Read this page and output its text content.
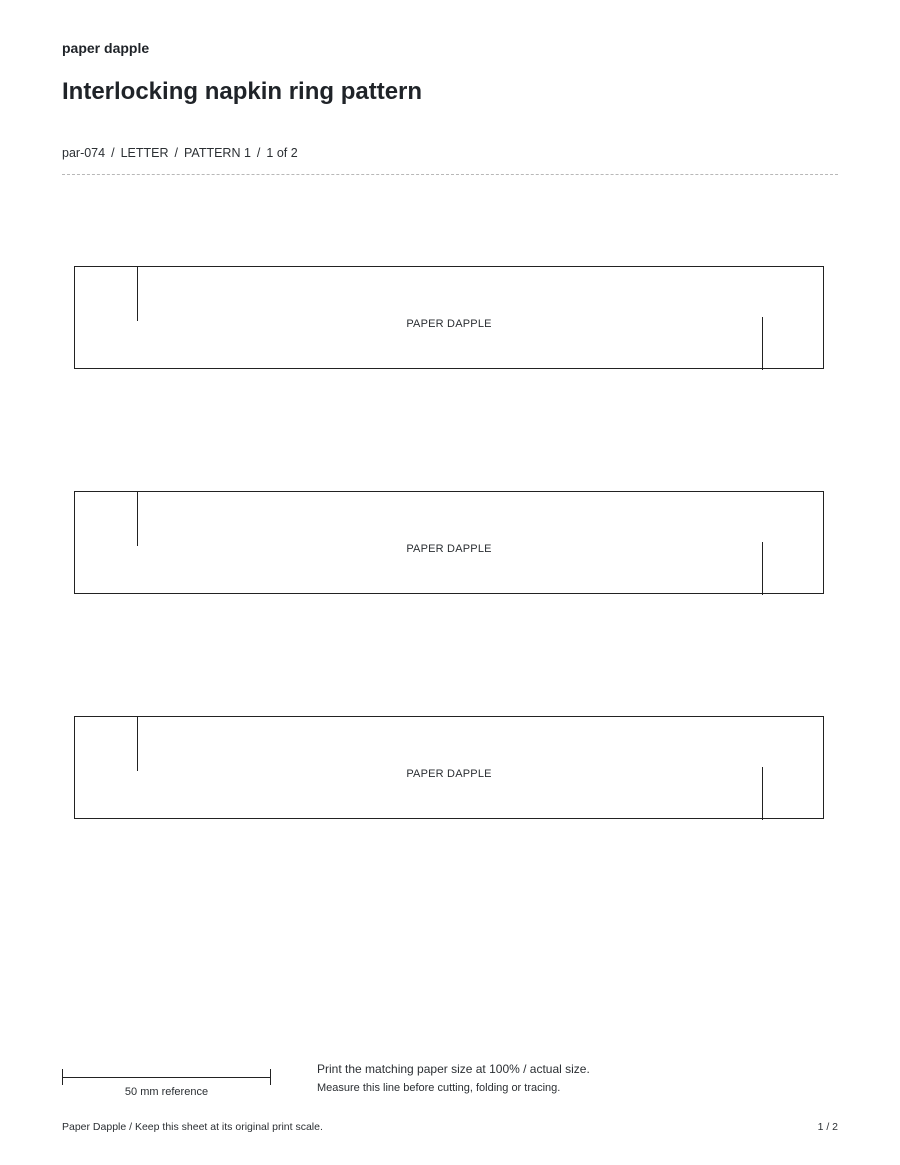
paper dapple
Interlocking napkin ring pattern
par-074 / LETTER / PATTERN 1 / 1 of 2
PAPER DAPPLE
PAPER DAPPLE
PAPER DAPPLE
50 mm reference
Print the matching paper size at 100% / actual size.
Measure this line before cutting, folding or tracing.
Paper Dapple / Keep this sheet at its original print scale.	1 / 2
